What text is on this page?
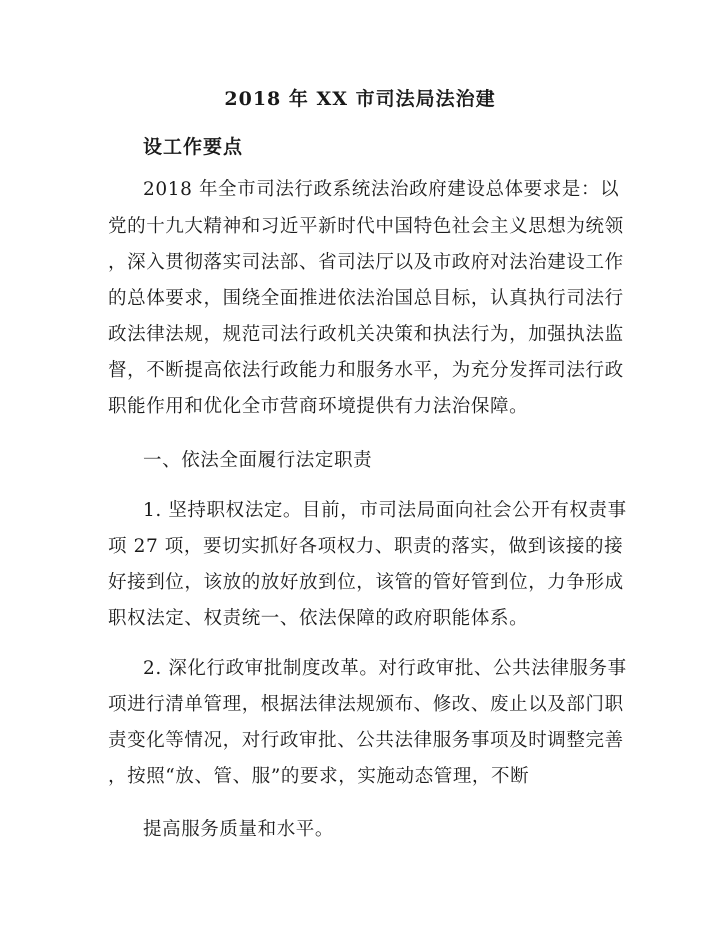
2018 年 XX 市司法局法治建
设工作要点
2018 年全市司法行政系统法治政府建设总体要求是：以
党的十九大精神和习近平新时代中国特色社会主义思想为统领
，深入贯彻落实司法部、省司法厅以及市政府对法治建设工作
的总体要求，围绕全面推进依法治国总目标，认真执行司法行
政法律法规，规范司法行政机关决策和执法行为，加强执法监
督，不断提高依法行政能力和服务水平，为充分发挥司法行政
职能作用和优化全市营商环境提供有力法治保障。
一、依法全面履行法定职责
1. 坚持职权法定。目前，市司法局面向社会公开有权责事
项 27 项，要切实抓好各项权力、职责的落实，做到该接的接
好接到位，该放的放好放到位，该管的管好管到位，力争形成
职权法定、权责统一、依法保障的政府职能体系。
2. 深化行政审批制度改革。对行政审批、公共法律服务事
项进行清单管理，根据法律法规颁布、修改、废止以及部门职
责变化等情况，对行政审批、公共法律服务事项及时调整完善
，按照“放、管、服”的要求，实施动态管理，不断
提高服务质量和水平。
